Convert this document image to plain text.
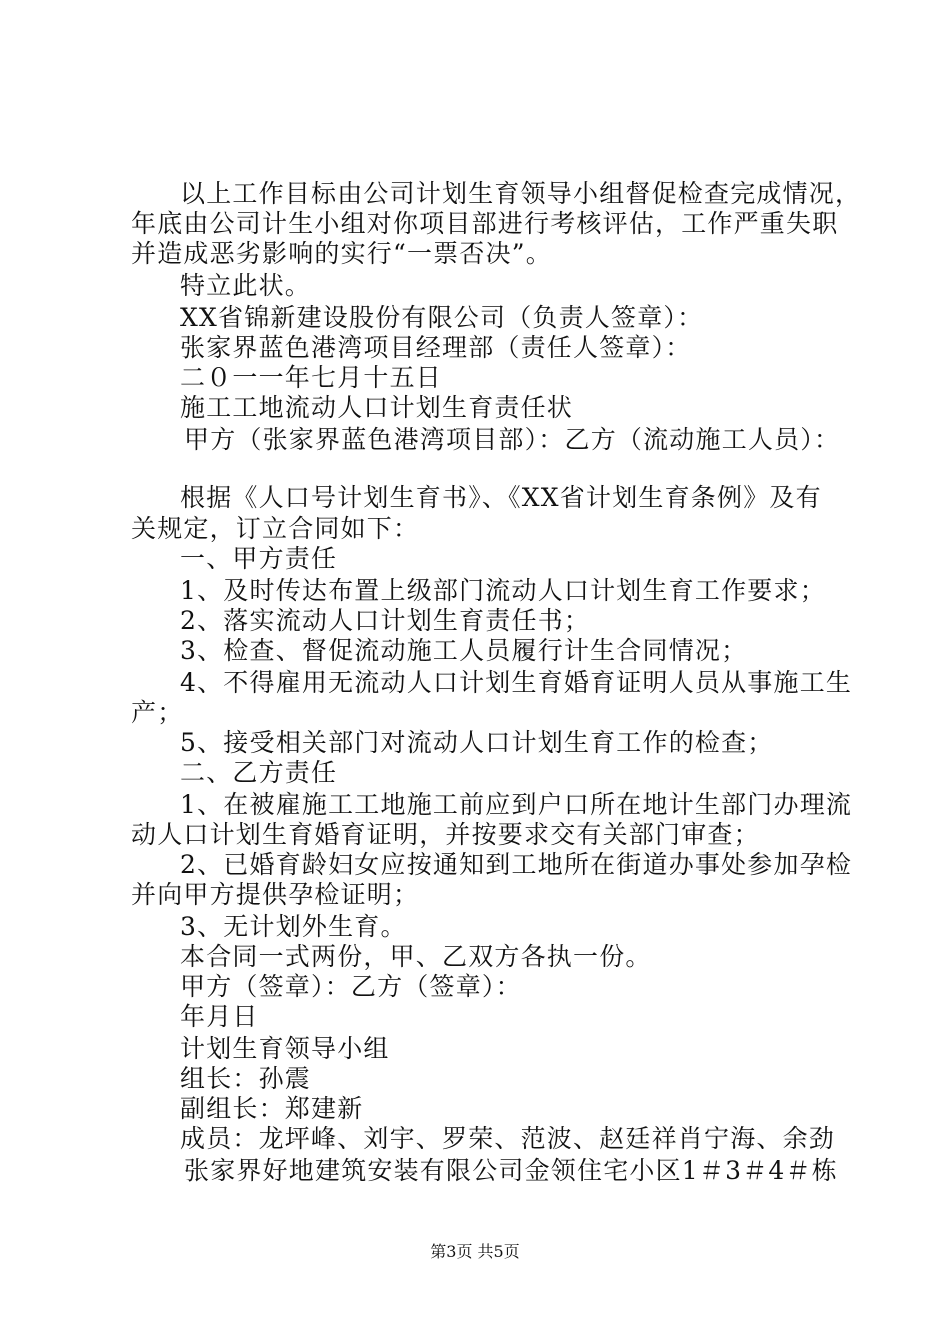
以上工作目标由公司计划生育领导小组督促检查完成情况，
年底由公司计生小组对你项目部进行考核评估，工作严重失职
并造成恶劣影响的实行“一票否决”。
特立此状。
XX省锦新建设股份有限公司（负责人签章）：
张家界蓝色港湾项目经理部（责任人签章）：
二０一一年七月十五日
施工工地流动人口计划生育责任状
甲方（张家界蓝色港湾项目部）：乙方（流动施工人员）：
根据《人口号计划生育书》、《XX省计划生育条例》及有
关规定，订立合同如下：
一、甲方责任
1、及时传达布置上级部门流动人口计划生育工作要求；
2、落实流动人口计划生育责任书；
3、检查、督促流动施工人员履行计生合同情况；
4、不得雇用无流动人口计划生育婚育证明人员从事施工生
产；
5、接受相关部门对流动人口计划生育工作的检查；
二、乙方责任
1、在被雇施工工地施工前应到户口所在地计生部门办理流
动人口计划生育婚育证明，并按要求交有关部门审查；
2、已婚育龄妇女应按通知到工地所在街道办事处参加孕检
并向甲方提供孕检证明；
3、无计划外生育。
本合同一式两份，甲、乙双方各执一份。
甲方（签章）：乙方（签章）：
年月日
计划生育领导小组
组长：孙震
副组长：郑建新
成员：龙坪峰、刘宇、罗荣、范波、赵廷祥肖宁海、余劲
张家界好地建筑安装有限公司金领住宅小区1＃3＃4＃栋
第3页 共5页
